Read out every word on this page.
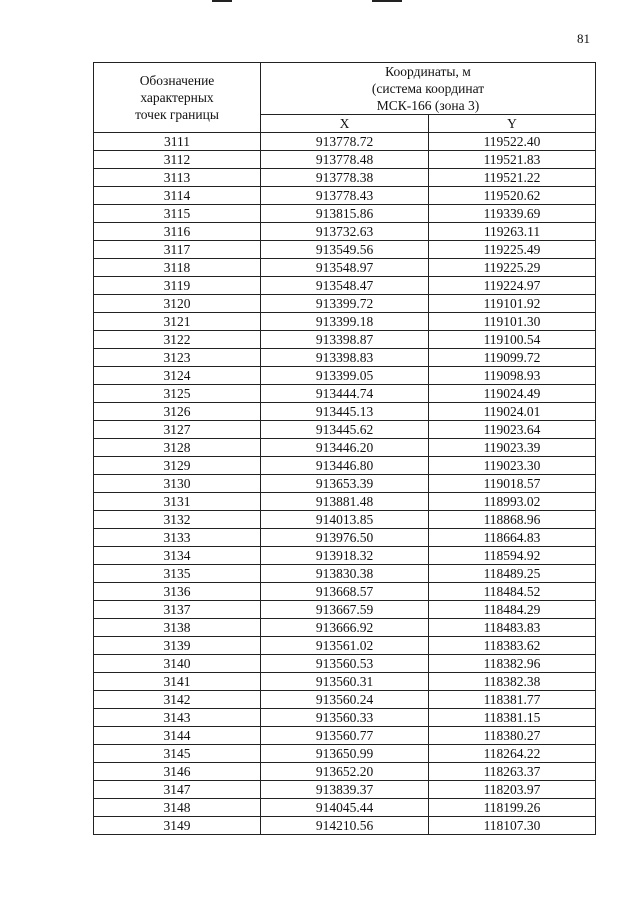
81
Обозначение
характерных
точек границы	Координаты, м
(система координат
МСК-166 (зона 3)	
	X	Y
3111	913778.72	119522.40
3112	913778.48	119521.83
3113	913778.38	119521.22
3114	913778.43	119520.62
3115	913815.86	119339.69
3116	913732.63	119263.11
3117	913549.56	119225.49
3118	913548.97	119225.29
3119	913548.47	119224.97
3120	913399.72	119101.92
3121	913399.18	119101.30
3122	913398.87	119100.54
3123	913398.83	119099.72
3124	913399.05	119098.93
3125	913444.74	119024.49
3126	913445.13	119024.01
3127	913445.62	119023.64
3128	913446.20	119023.39
3129	913446.80	119023.30
3130	913653.39	119018.57
3131	913881.48	118993.02
3132	914013.85	118868.96
3133	913976.50	118664.83
3134	913918.32	118594.92
3135	913830.38	118489.25
3136	913668.57	118484.52
3137	913667.59	118484.29
3138	913666.92	118483.83
3139	913561.02	118383.62
3140	913560.53	118382.96
3141	913560.31	118382.38
3142	913560.24	118381.77
3143	913560.33	118381.15
3144	913560.77	118380.27
3145	913650.99	118264.22
3146	913652.20	118263.37
3147	913839.37	118203.97
3148	914045.44	118199.26
3149	914210.56	118107.30
